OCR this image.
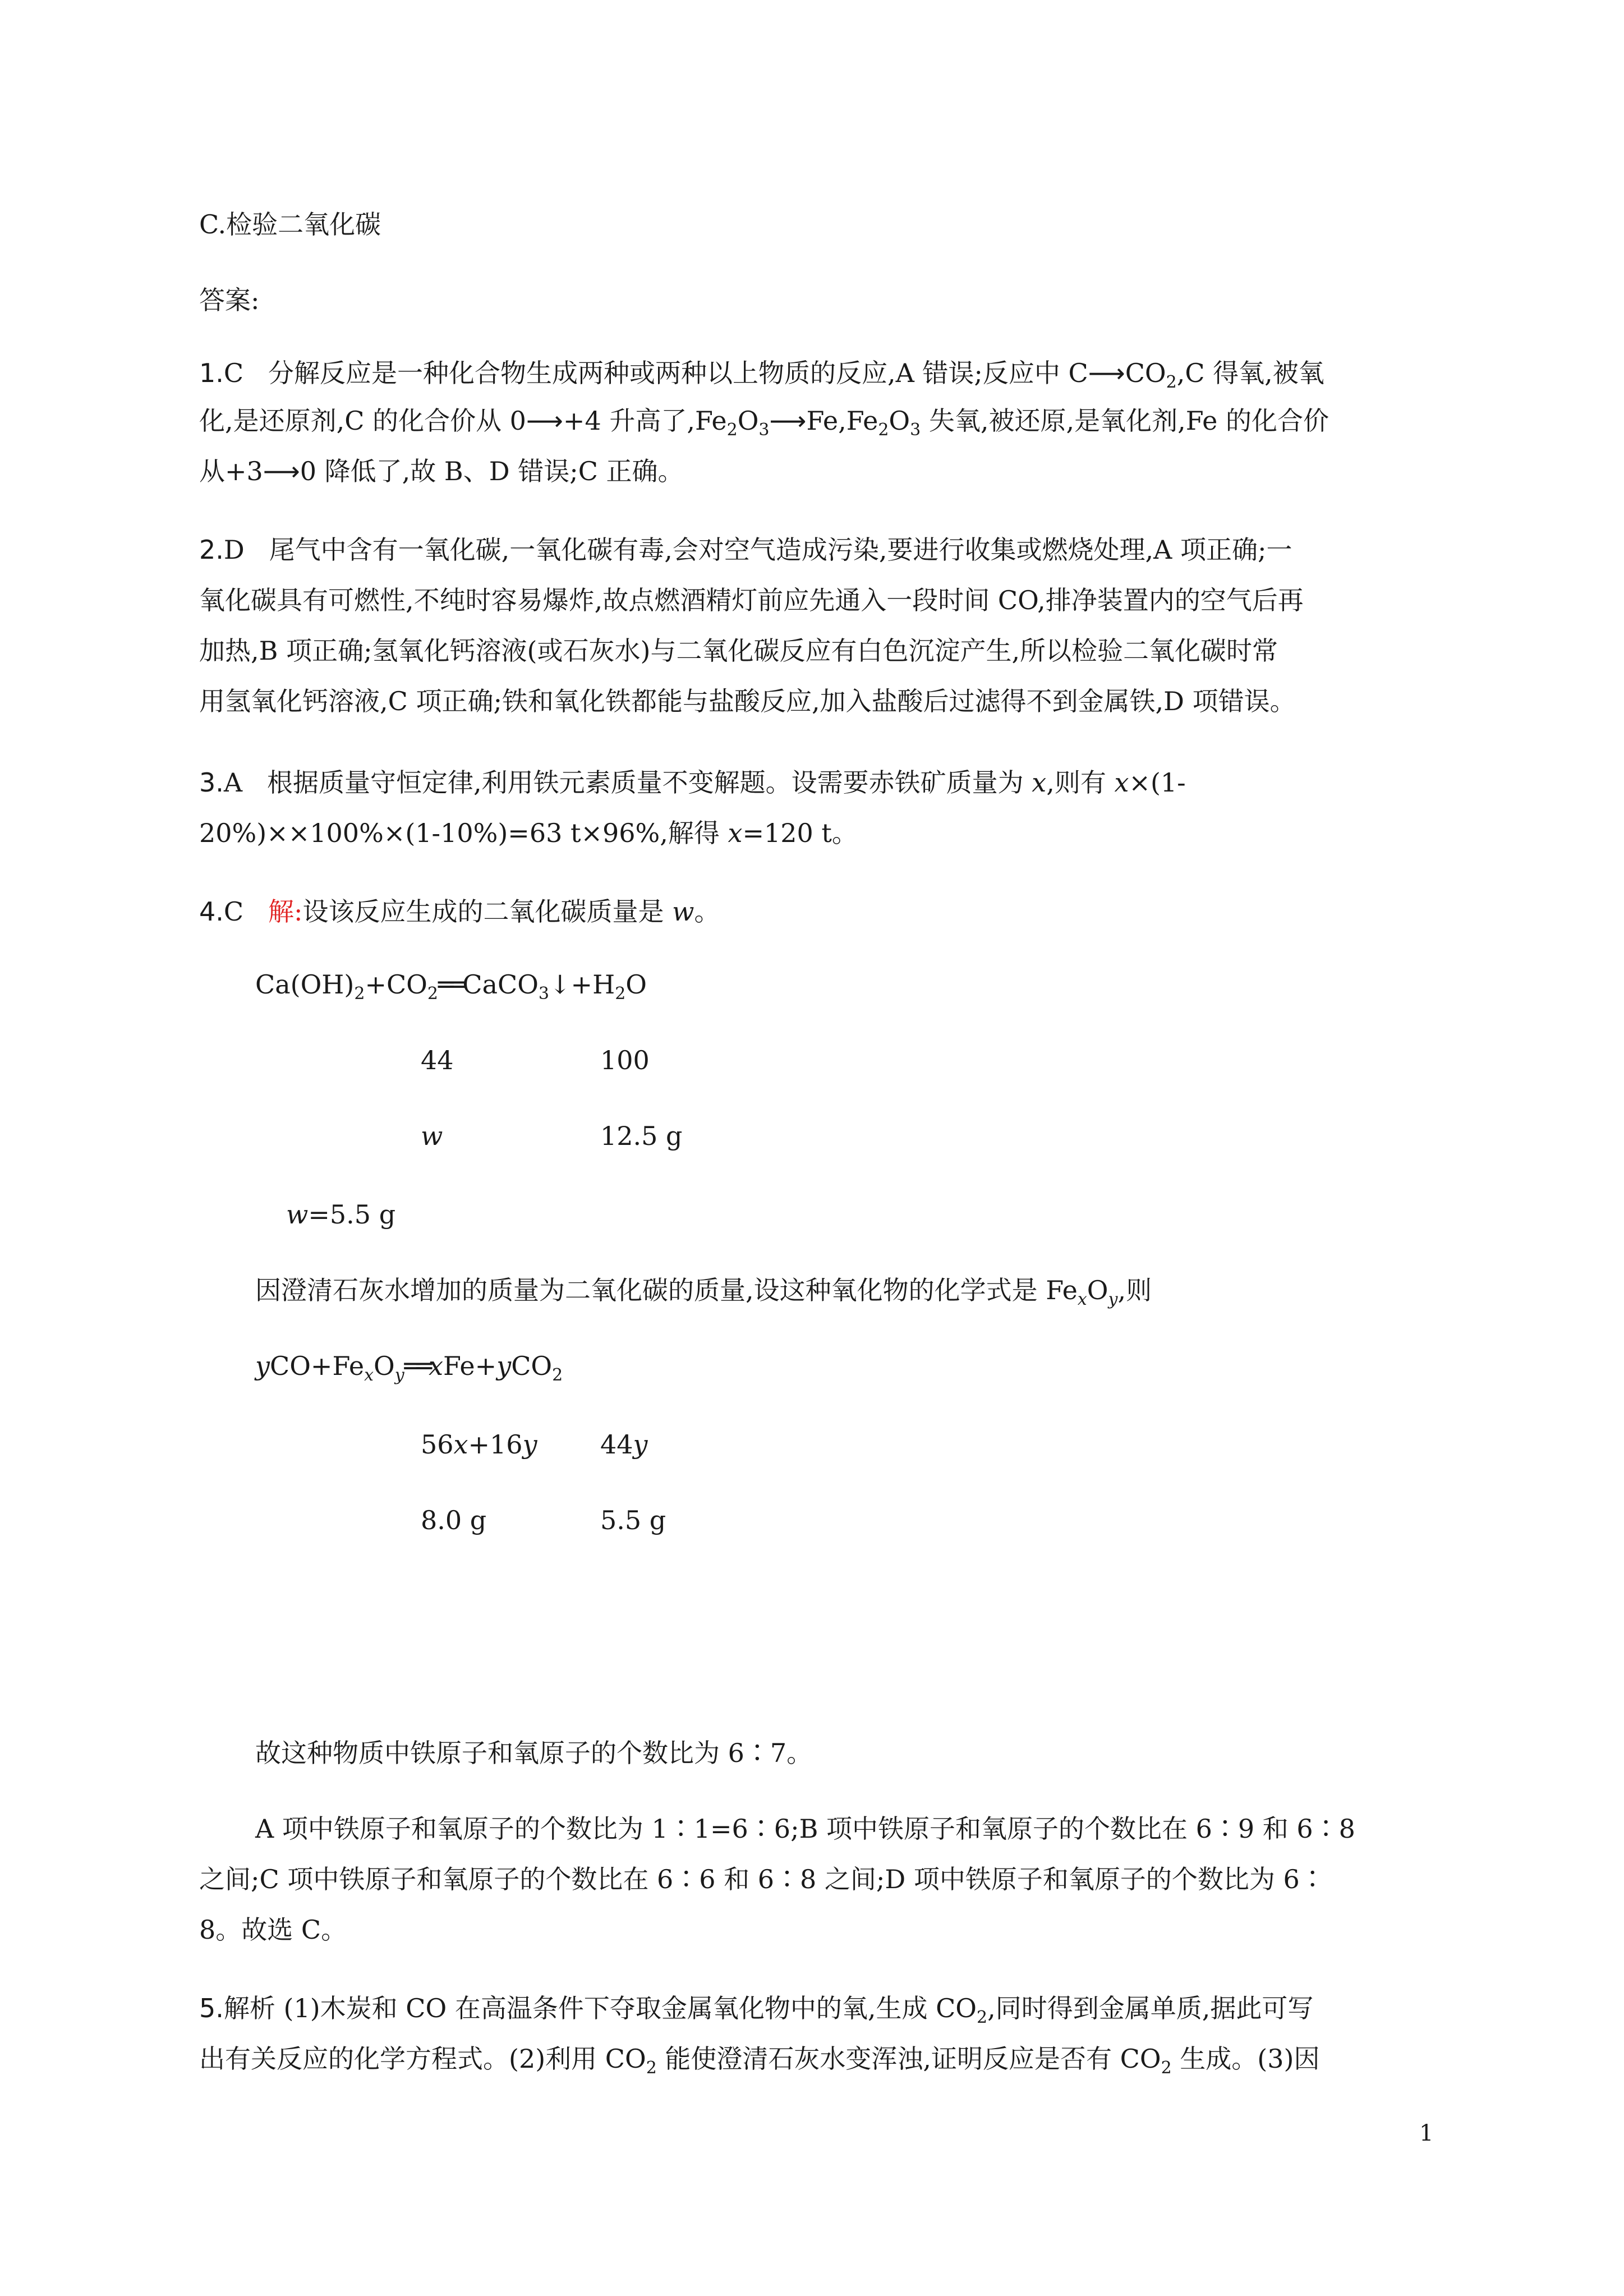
C.检验二氧化碳
答案:
1.C 分解反应是一种化合物生成两种或两种以上物质的反应,A 错误;反应中 $C⟶CO_2,C$ 得氧,被氧
化,是还原剂,C 的化合价从 0⟶+4 升高了$,Fe_2O_3⟶Fe,Fe_2O_3$ 失氧,被还原,是氧化剂,Fe 的化合价
从+3⟶0 降低了,故 B、D 错误;C 正确。
2.D 尾气中含有一氧化碳,一氧化碳有毒,会对空气造成污染,要进行收集或燃烧处理,A 项正确;一
氧化碳具有可燃性,不纯时容易爆炸,故点燃酒精灯前应先通入一段时间 CO,排净装置内的空气后再
加热,B 项正确;氢氧化钙溶液(或石灰水)与二氧化碳反应有白色沉淀产生,所以检验二氧化碳时常
用氢氧化钙溶液,C 项正确;铁和氧化铁都能与盐酸反应,加入盐酸后过滤得不到金属铁,D 项错误。
3.A 根据质量守恒定律,利用铁元素质量不变解题。设需要赤铁矿质量为 x,则有 x×(1-
20%)××100%×(1-10%)=63 t×96%,解得 x=120 t。
4.C 解:设该反应生成的二氧化碳质量是 w。
$Ca(OH)_2+CO_2══CaCO_3↓+H_2O$
44	100
w	12.5 g
w=5.5 g
因澄清石灰水增加的质量为二氧化碳的质量,设这种氧化物的化学式是 $Fe_xO_y$,则
$yCO+Fe_xO_y══xFe+yCO_2$
56x+16y 44y
8.0 g	5.5 g
故这种物质中铁原子和氧原子的个数比为 6∶7。
A 项中铁原子和氧原子的个数比为 1∶1=6∶6;B 项中铁原子和氧原子的个数比在 6∶9 和 6∶8
之间;C 项中铁原子和氧原子的个数比在 6∶6 和 6∶8 之间;D 项中铁原子和氧原子的个数比为 6∶
8。故选 C。
5.解析 (1)木炭和 CO 在高温条件下夺取金属氧化物中的氧,生成 $CO_2$,同时得到金属单质,据此可写
出有关反应的化学方程式。(2)利用 $CO_2$ 能使澄清石灰水变浑浊,证明反应是否有 $CO_2$ 生成。(3)因
1
